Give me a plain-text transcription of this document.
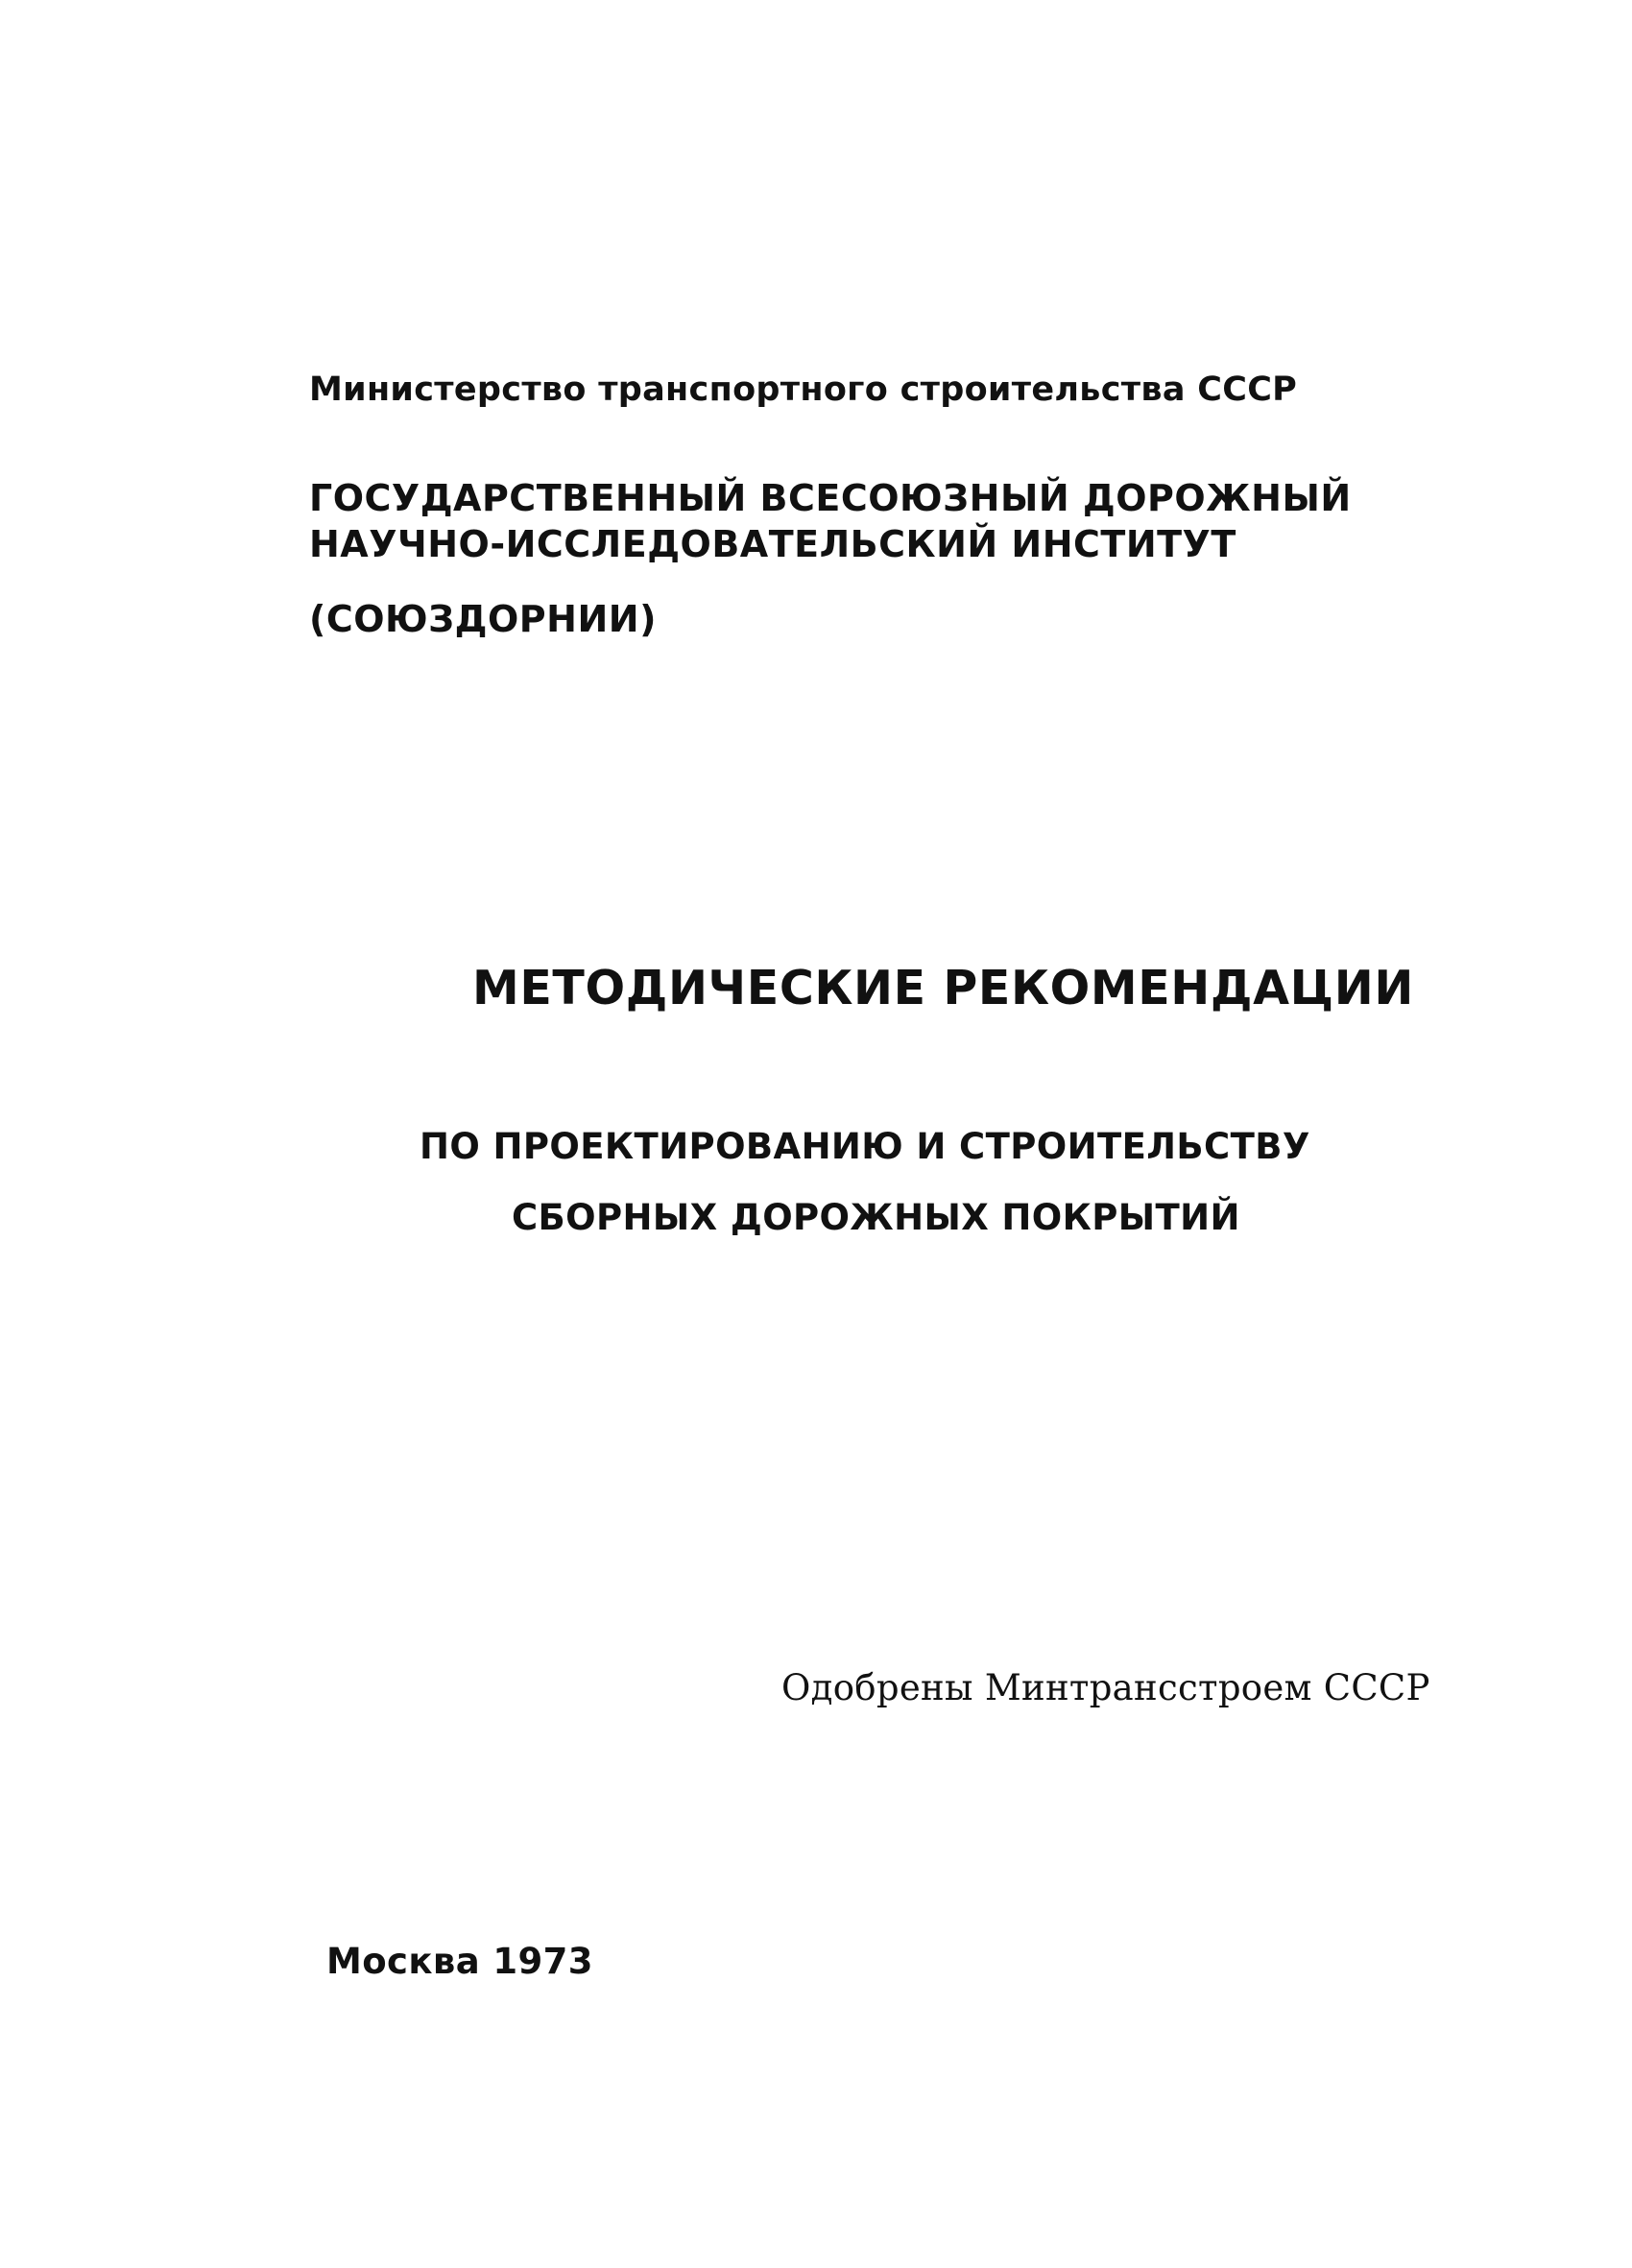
Министерство транспортного строительства СССР

ГОСУДАРСТВЕННЫЙ ВСЕСОЮЗНЫЙ ДОРОЖНЫЙ

НАУЧНО-ИССЛЕДОВАТЕЛЬСКИЙ ИНСТИТУТ

(СОЮЗДОРНИИ)

МЕТОДИЧЕСКИЕ РЕКОМЕНДАЦИИ

ПО ПРОЕКТИРОВАНИЮ И СТРОИТЕЛЬСТВУ

СБОРНЫХ ДОРОЖНЫХ ПОКРЫТИЙ

Одобрены Минтрансстроем СССР

Москва 1973
